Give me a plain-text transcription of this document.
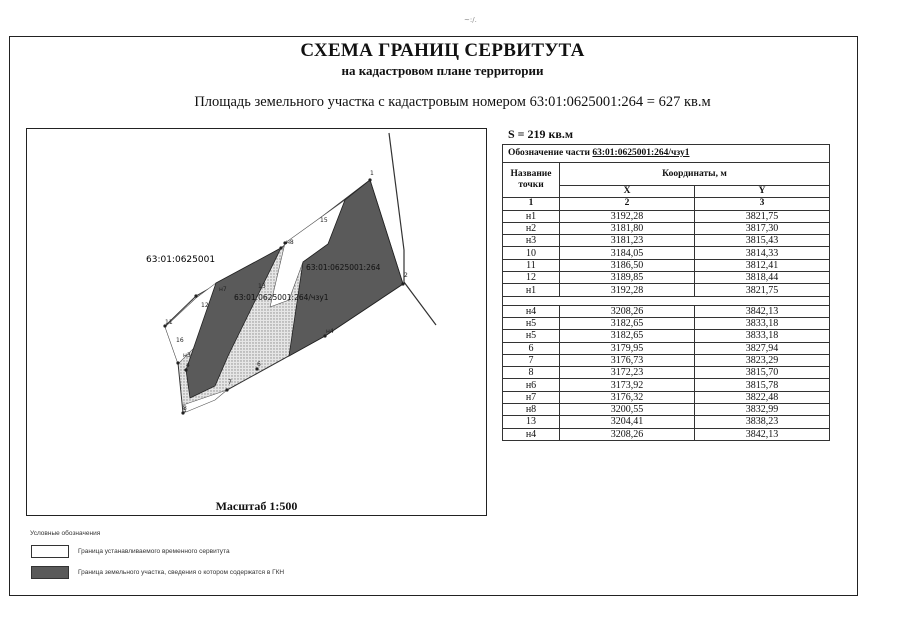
~:/.
СХЕМА ГРАНИЦ СЕРВИТУТА
на кадастровом плане территории
Площадь земельного участка с кадастровым номером 63:01:0625001:264 = 627 кв.м
63:01:0625001
63:01:0625001:264
63:01:0625001:264/чзу1
1
2
15
н8
н7
н4
13
12
11
16
н3
8
7
6
4
Масштаб 1:500
S = 219 кв.м
Обозначение части 63:01:0625001:264/чзу1		
Название точки	Координаты, м	
	X	Y
1	2	3
н1	3192,28	3821,75
н2	3181,80	3817,30
н3	3181,23	3815,43
10	3184,05	3814,33
11	3186,50	3812,41
12	3189,85	3818,44
н1	3192,28	3821,75

н4	3208,26	3842,13
н5	3182,65	3833,18
н5	3182,65	3833,18
6	3179,95	3827,94
7	3176,73	3823,29
8	3172,23	3815,70
н6	3173,92	3815,78
н7	3176,32	3822,48
н8	3200,55	3832,99
13	3204,41	3838,23
н4	3208,26	3842,13
Условные обозначения
Граница устанавливаемого временного сервитута
Граница земельного участка, сведения о котором содержатся в ГКН
